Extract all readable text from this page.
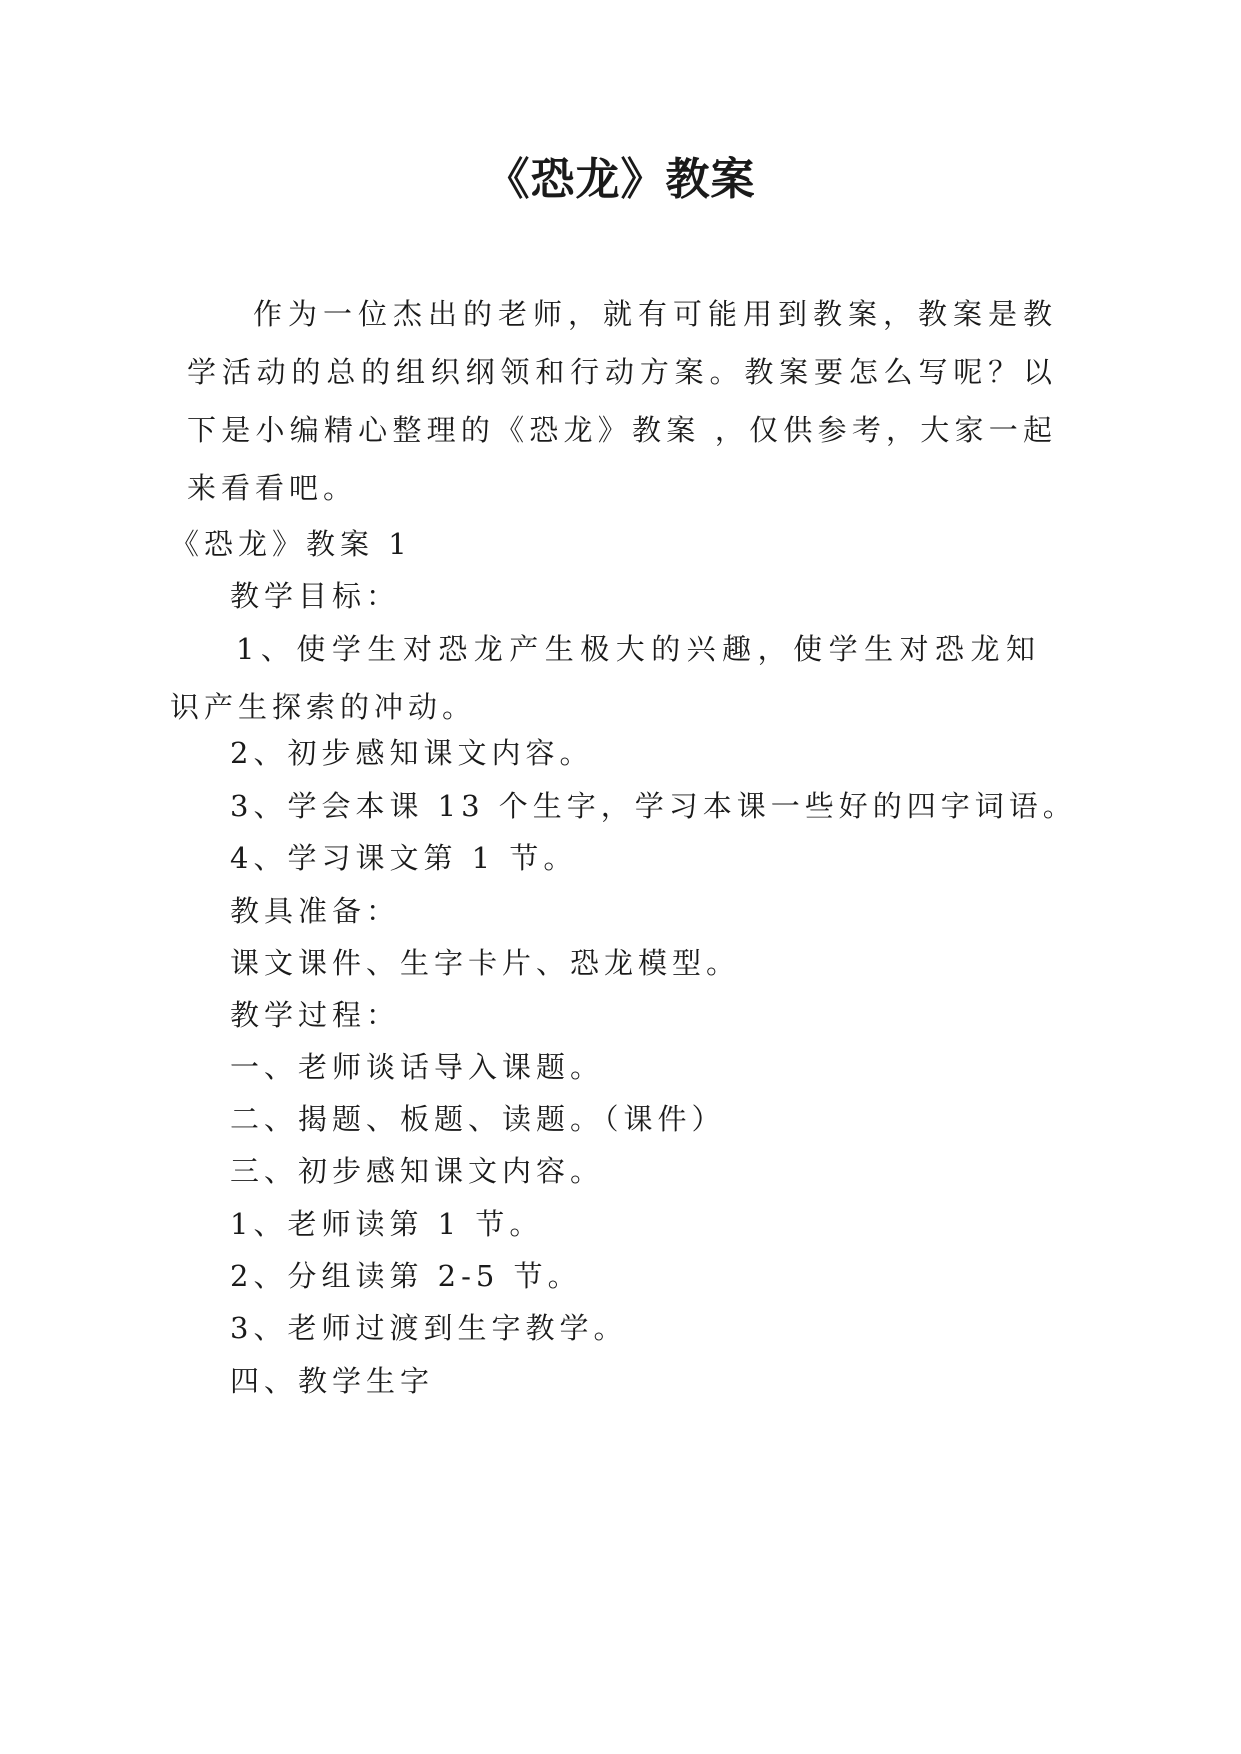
《恐龙》教案
作为一位杰出的老师，就有可能用到教案，教案是教学活动的总的组织纲领和行动方案。教案要怎么写呢？以下是小编精心整理的《恐龙》教案 ，仅供参考，大家一起来看看吧。
《恐龙》教案 1
教学目标：
1、使学生对恐龙产生极大的兴趣，使学生对恐龙知识产生探索的冲动。
2、初步感知课文内容。
3、学会本课 13 个生字，学习本课一些好的四字词语。
4、学习课文第 1 节。
教具准备：
课文课件、生字卡片、恐龙模型。
教学过程：
一、老师谈话导入课题。
二、揭题、板题、读题。（课件）
三、初步感知课文内容。
1、老师读第 1 节。
2、分组读第 2-5 节。
3、老师过渡到生字教学。
四、教学生字
